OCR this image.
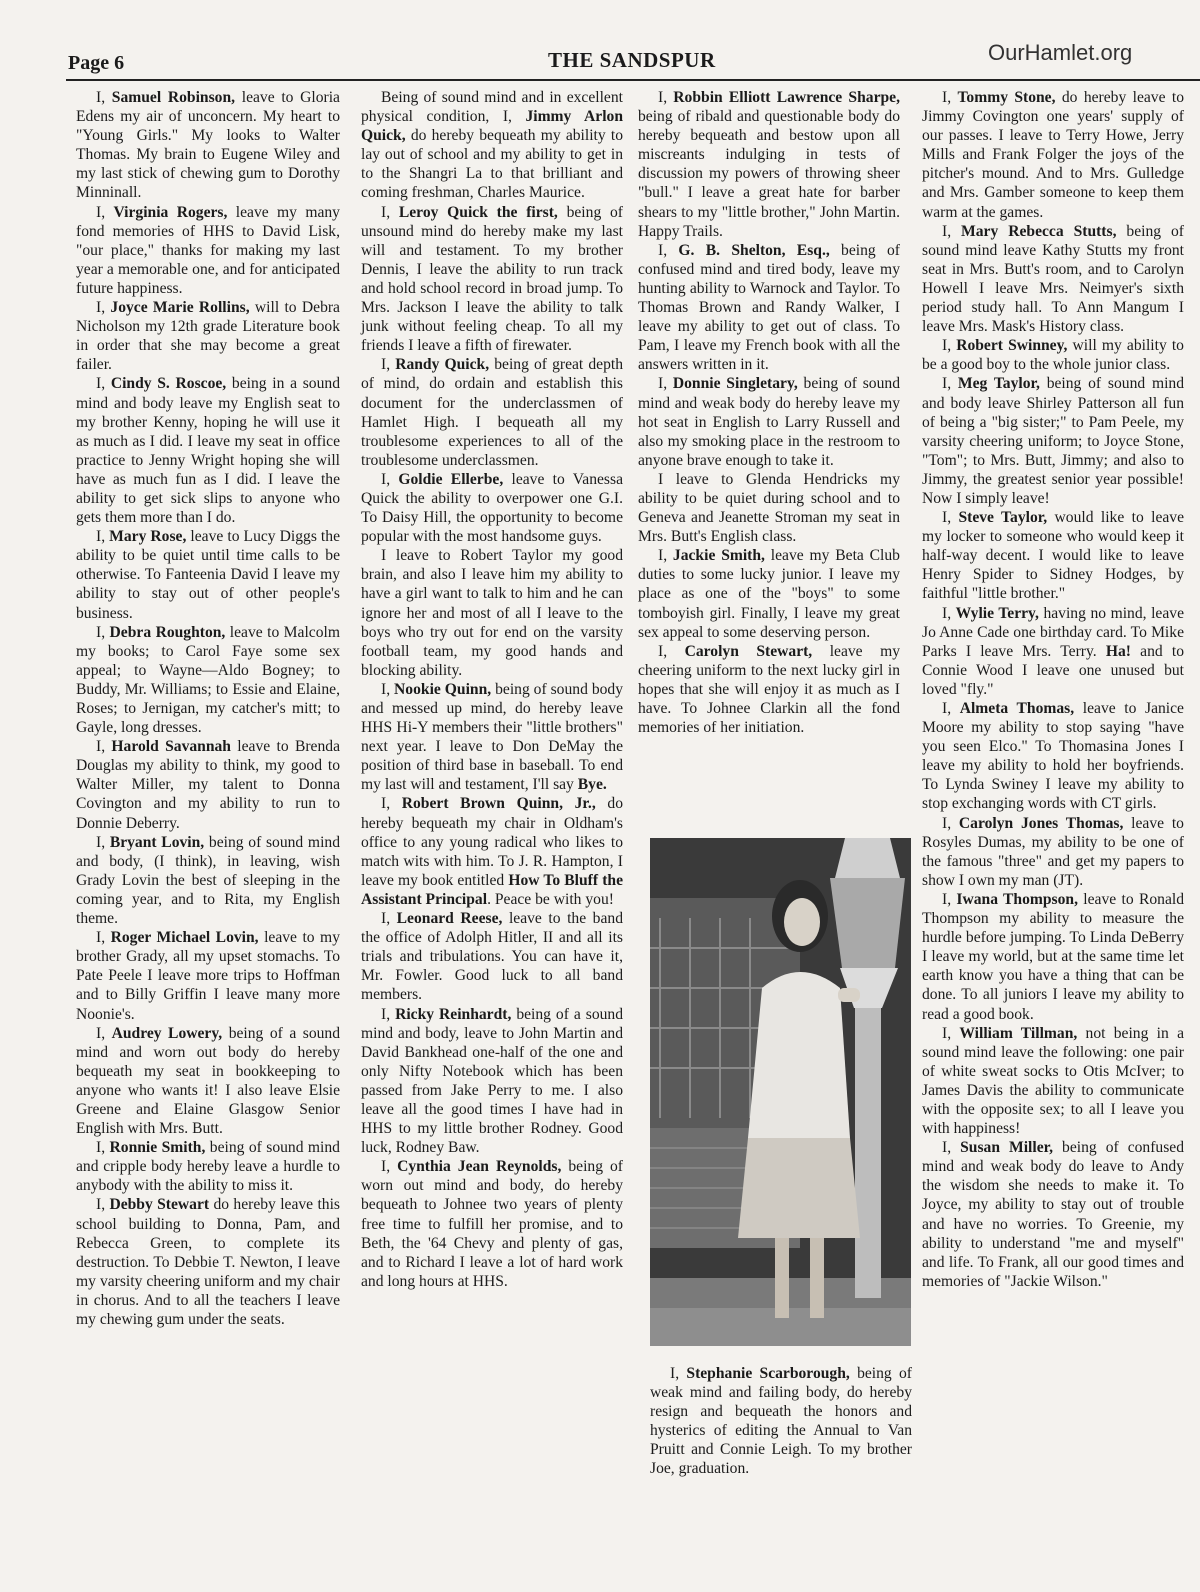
Page 6	THE SANDSPUR	OurHamlet.org

I, Samuel Robinson, leave to Gloria Edens my air of unconcern. My heart to "Young Girls." My looks to Walter Thomas. My brain to Eugene Wiley and my last stick of chewing gum to Dorothy Minninall.

I, Virginia Rogers, leave my many fond memories of HHS to David Lisk, "our place," thanks for making my last year a memorable one, and for anticipated future happiness.

I, Joyce Marie Rollins, will to Debra Nicholson my 12th grade Literature book in order that she may become a great failer.

I, Cindy S. Roscoe, being in a sound mind and body leave my English seat to my brother Kenny, hoping he will use it as much as I did. I leave my seat in office practice to Jenny Wright hoping she will have as much fun as I did. I leave the ability to get sick slips to anyone who gets them more than I do.

I, Mary Rose, leave to Lucy Diggs the ability to be quiet until time calls to be otherwise. To Fanteenia David I leave my ability to stay out of other people's business.

I, Debra Roughton, leave to Malcolm my books; to Carol Faye some sex appeal; to Wayne—Aldo Bogney; to Buddy, Mr. Williams; to Essie and Elaine, Roses; to Jernigan, my catcher's mitt; to Gayle, long dresses.

I, Harold Savannah leave to Brenda Douglas my ability to think, my good to Walter Miller, my talent to Donna Covington and my ability to run to Donnie Deberry.

I, Bryant Lovin, being of sound mind and body, (I think), in leaving, wish Grady Lovin the best of sleeping in the coming year, and to Rita, my English theme.

I, Roger Michael Lovin, leave to my brother Grady, all my upset stomachs. To Pate Peele I leave more trips to Hoffman and to Billy Griffin I leave many more Noonie's.

I, Audrey Lowery, being of a sound mind and worn out body do hereby bequeath my seat in bookkeeping to anyone who wants it! I also leave Elsie Greene and Elaine Glasgow Senior English with Mrs. Butt.

I, Ronnie Smith, being of sound mind and cripple body hereby leave a hurdle to anybody with the ability to miss it.

I, Debby Stewart do hereby leave this school building to Donna, Pam, and Rebecca Green, to complete its destruction. To Debbie T. Newton, I leave my varsity cheering uniform and my chair in chorus. And to all the teachers I leave my chewing gum under the seats.

Being of sound mind and in excellent physical condition, I, Jimmy Arlon Quick, do hereby bequeath my ability to lay out of school and my ability to get in to the Shangri La to that brilliant and coming freshman, Charles Maurice.

I, Leroy Quick the first, being of unsound mind do hereby make my last will and testament. To my brother Dennis, I leave the ability to run track and hold school record in broad jump. To Mrs. Jackson I leave the ability to talk junk without feeling cheap. To all my friends I leave a fifth of firewater.

I, Randy Quick, being of great depth of mind, do ordain and establish this document for the underclassmen of Hamlet High. I bequeath all my troublesome experiences to all of the troublesome underclassmen.

I, Goldie Ellerbe, leave to Vanessa Quick the ability to overpower one G.I. To Daisy Hill, the opportunity to become popular with the most handsome guys.

I leave to Robert Taylor my good brain, and also I leave him my ability to have a girl want to talk to him and he can ignore her and most of all I leave to the boys who try out for end on the varsity football team, my good hands and blocking ability.

I, Nookie Quinn, being of sound body and messed up mind, do hereby leave HHS Hi-Y members their "little brothers" next year. I leave to Don DeMay the position of third base in baseball. To end my last will and testament, I'll say Bye.

I, Robert Brown Quinn, Jr., do hereby bequeath my chair in Oldham's office to any young radical who likes to match wits with him. To J. R. Hampton, I leave my book entitled How To Bluff the Assistant Principal. Peace be with you!

I, Leonard Reese, leave to the band the office of Adolph Hitler, II and all its trials and tribulations. You can have it, Mr. Fowler. Good luck to all band members.

I, Ricky Reinhardt, being of a sound mind and body, leave to John Martin and David Bankhead one-half of the one and only Nifty Notebook which has been passed from Jake Perry to me. I also leave all the good times I have had in HHS to my little brother Rodney. Good luck, Rodney Baw.

I, Cynthia Jean Reynolds, being of worn out mind and body, do hereby bequeath to Johnee two years of plenty free time to fulfill her promise, and to Beth, the '64 Chevy and plenty of gas, and to Richard I leave a lot of hard work and long hours at HHS.

I, Robbin Elliott Lawrence Sharpe, being of ribald and questionable body do hereby bequeath and bestow upon all miscreants indulging in tests of discussion my powers of throwing sheer "bull." I leave a great hate for barber shears to my "little brother," John Martin. Happy Trails.

I, G. B. Shelton, Esq., being of confused mind and tired body, leave my hunting ability to Warnock and Taylor. To Thomas Brown and Randy Walker, I leave my ability to get out of class. To Pam, I leave my French book with all the answers written in it.

I, Donnie Singletary, being of sound mind and weak body do hereby leave my hot seat in English to Larry Russell and also my smoking place in the restroom to anyone brave enough to take it.

I leave to Glenda Hendricks my ability to be quiet during school and to Geneva and Jeanette Stroman my seat in Mrs. Butt's English class.

I, Jackie Smith, leave my Beta Club duties to some lucky junior. I leave my place as one of the "boys" to some tomboyish girl. Finally, I leave my great sex appeal to some deserving person.

I, Carolyn Stewart, leave my cheering uniform to the next lucky girl in hopes that she will enjoy it as much as I have. To Johnee Clarkin all the fond memories of her initiation.

I, Tommy Stone, do hereby leave to Jimmy Covington one years' supply of our passes. I leave to Terry Howe, Jerry Mills and Frank Folger the joys of the pitcher's mound. And to Mrs. Gulledge and Mrs. Gamber someone to keep them warm at the games.

I, Mary Rebecca Stutts, being of sound mind leave Kathy Stutts my front seat in Mrs. Butt's room, and to Carolyn Howell I leave Mrs. Neimyer's sixth period study hall. To Ann Mangum I leave Mrs. Mask's History class.

I, Robert Swinney, will my ability to be a good boy to the whole junior class.

I, Meg Taylor, being of sound mind and body leave Shirley Patterson all fun of being a "big sister;" to Pam Peele, my varsity cheering uniform; to Joyce Stone, "Tom"; to Mrs. Butt, Jimmy; and also to Jimmy, the greatest senior year possible! Now I simply leave!

I, Steve Taylor, would like to leave my locker to someone who would keep it half-way decent. I would like to leave Henry Spider to Sidney Hodges, by faithful "little brother."

I, Wylie Terry, having no mind, leave Jo Anne Cade one birthday card. To Mike Parks I leave Mrs. Terry. Ha! and to Connie Wood I leave one unused but loved "fly."

I, Almeta Thomas, leave to Janice Moore my ability to stop saying "have you seen Elco." To Thomasina Jones I leave my ability to hold her boyfriends. To Lynda Swiney I leave my ability to stop exchanging words with CT girls.

I, Carolyn Jones Thomas, leave to Rosyles Dumas, my ability to be one of the famous "three" and get my papers to show I own my man (JT).

I, Iwana Thompson, leave to Ronald Thompson my ability to measure the hurdle before jumping. To Linda DeBerry I leave my world, but at the same time let earth know you have a thing that can be done. To all juniors I leave my ability to read a good book.

I, William Tillman, not being in a sound mind leave the following: one pair of white sweat socks to Otis McIver; to James Davis the ability to communicate with the opposite sex; to all I leave you with happiness!

I, Susan Miller, being of confused mind and weak body do leave to Andy the wisdom she needs to make it. To Joyce, my ability to stay out of trouble and have no worries. To Greenie, my ability to understand "me and myself" and life. To Frank, all our good times and memories of "Jackie Wilson."

I, Stephanie Scarborough, being of weak mind and failing body, do hereby resign and bequeath the honors and hysterics of editing the Annual to Van Pruitt and Connie Leigh. To my brother Joe, graduation.
